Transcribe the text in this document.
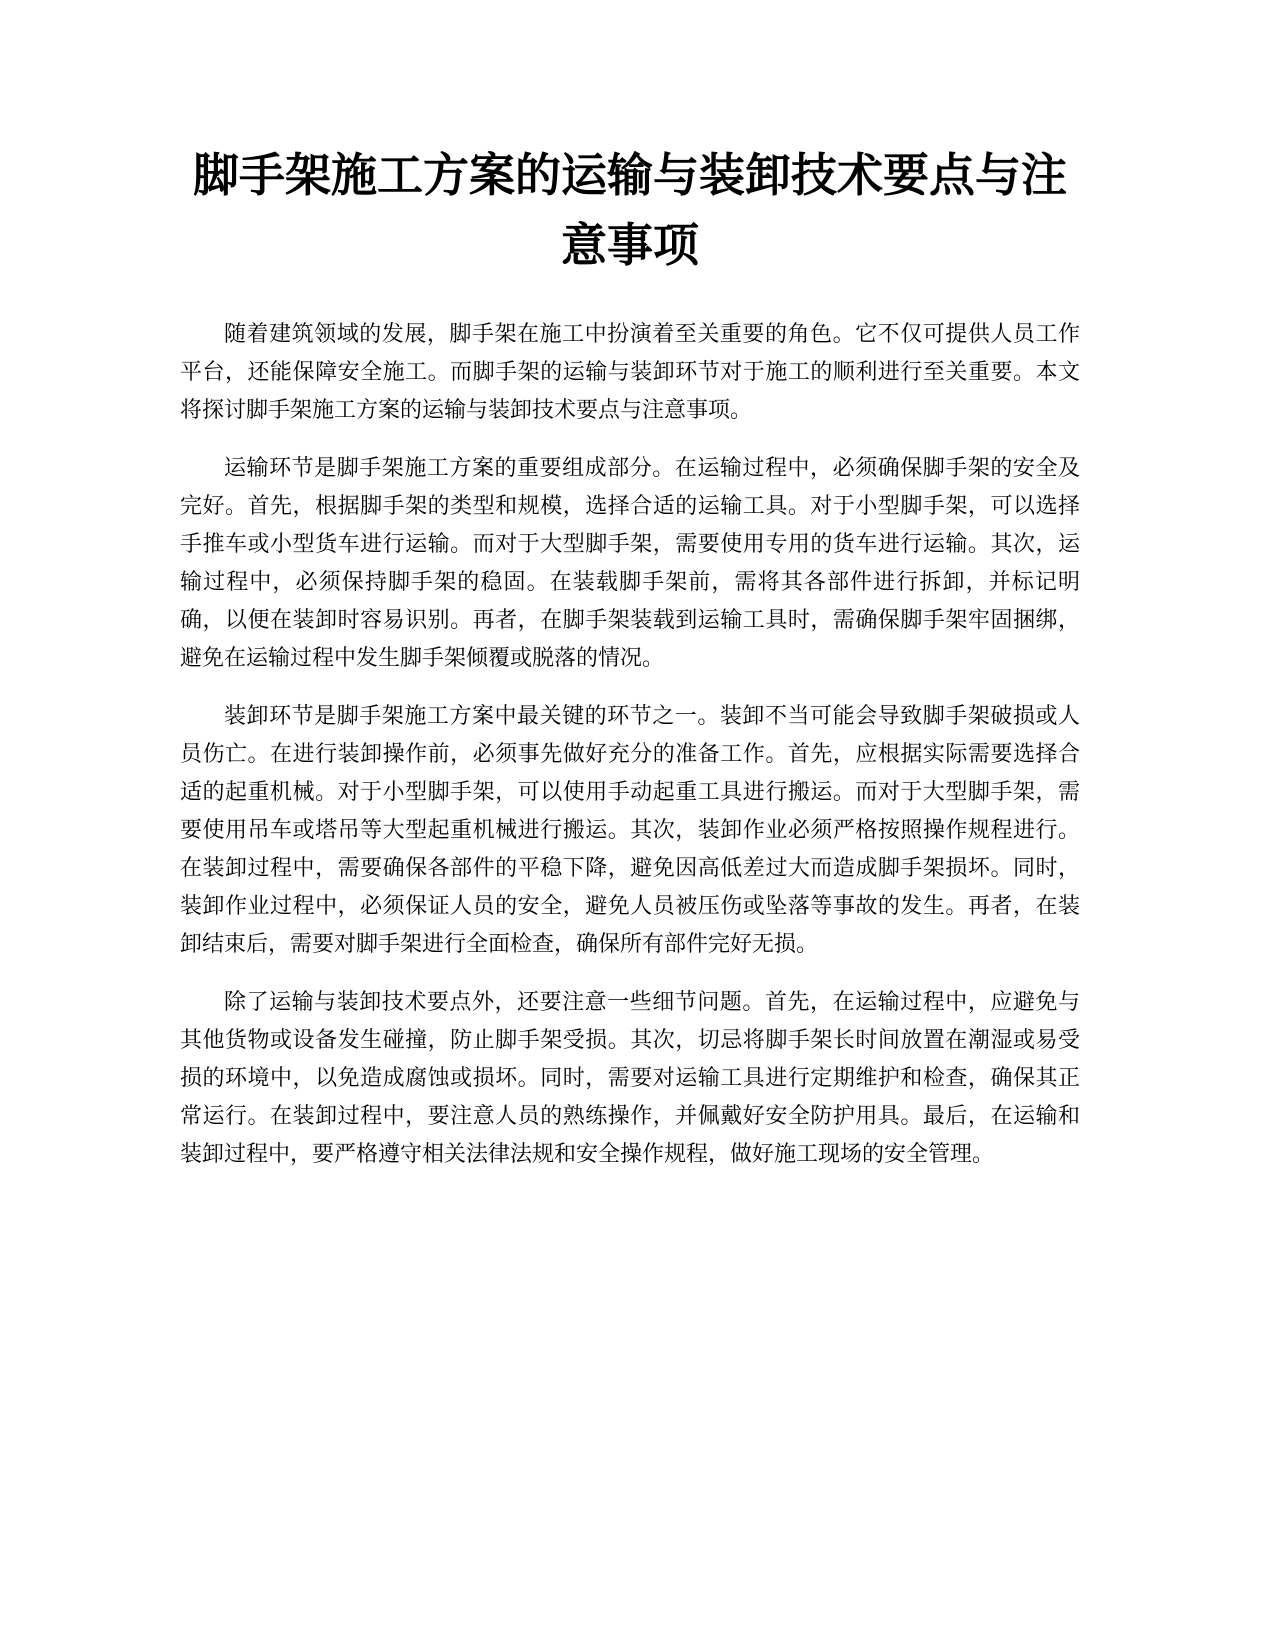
脚手架施工方案的运输与装卸技术要点与注意事项

随着建筑领域的发展，脚手架在施工中扮演着至关重要的角色。它不仅可提供人员工作平台，还能保障安全施工。而脚手架的运输与装卸环节对于施工的顺利进行至关重要。本文将探讨脚手架施工方案的运输与装卸技术要点与注意事项。

运输环节是脚手架施工方案的重要组成部分。在运输过程中，必须确保脚手架的安全及完好。首先，根据脚手架的类型和规模，选择合适的运输工具。对于小型脚手架，可以选择手推车或小型货车进行运输。而对于大型脚手架，需要使用专用的货车进行运输。其次，运输过程中，必须保持脚手架的稳固。在装载脚手架前，需将其各部件进行拆卸，并标记明确，以便在装卸时容易识别。再者，在脚手架装载到运输工具时，需确保脚手架牢固捆绑，避免在运输过程中发生脚手架倾覆或脱落的情况。

装卸环节是脚手架施工方案中最关键的环节之一。装卸不当可能会导致脚手架破损或人员伤亡。在进行装卸操作前，必须事先做好充分的准备工作。首先，应根据实际需要选择合适的起重机械。对于小型脚手架，可以使用手动起重工具进行搬运。而对于大型脚手架，需要使用吊车或塔吊等大型起重机械进行搬运。其次，装卸作业必须严格按照操作规程进行。在装卸过程中，需要确保各部件的平稳下降，避免因高低差过大而造成脚手架损坏。同时，装卸作业过程中，必须保证人员的安全，避免人员被压伤或坠落等事故的发生。再者，在装卸结束后，需要对脚手架进行全面检查，确保所有部件完好无损。

除了运输与装卸技术要点外，还要注意一些细节问题。首先，在运输过程中，应避免与其他货物或设备发生碰撞，防止脚手架受损。其次，切忌将脚手架长时间放置在潮湿或易受损的环境中，以免造成腐蚀或损坏。同时，需要对运输工具进行定期维护和检查，确保其正常运行。在装卸过程中，要注意人员的熟练操作，并佩戴好安全防护用具。最后，在运输和装卸过程中，要严格遵守相关法律法规和安全操作规程，做好施工现场的安全管理。
